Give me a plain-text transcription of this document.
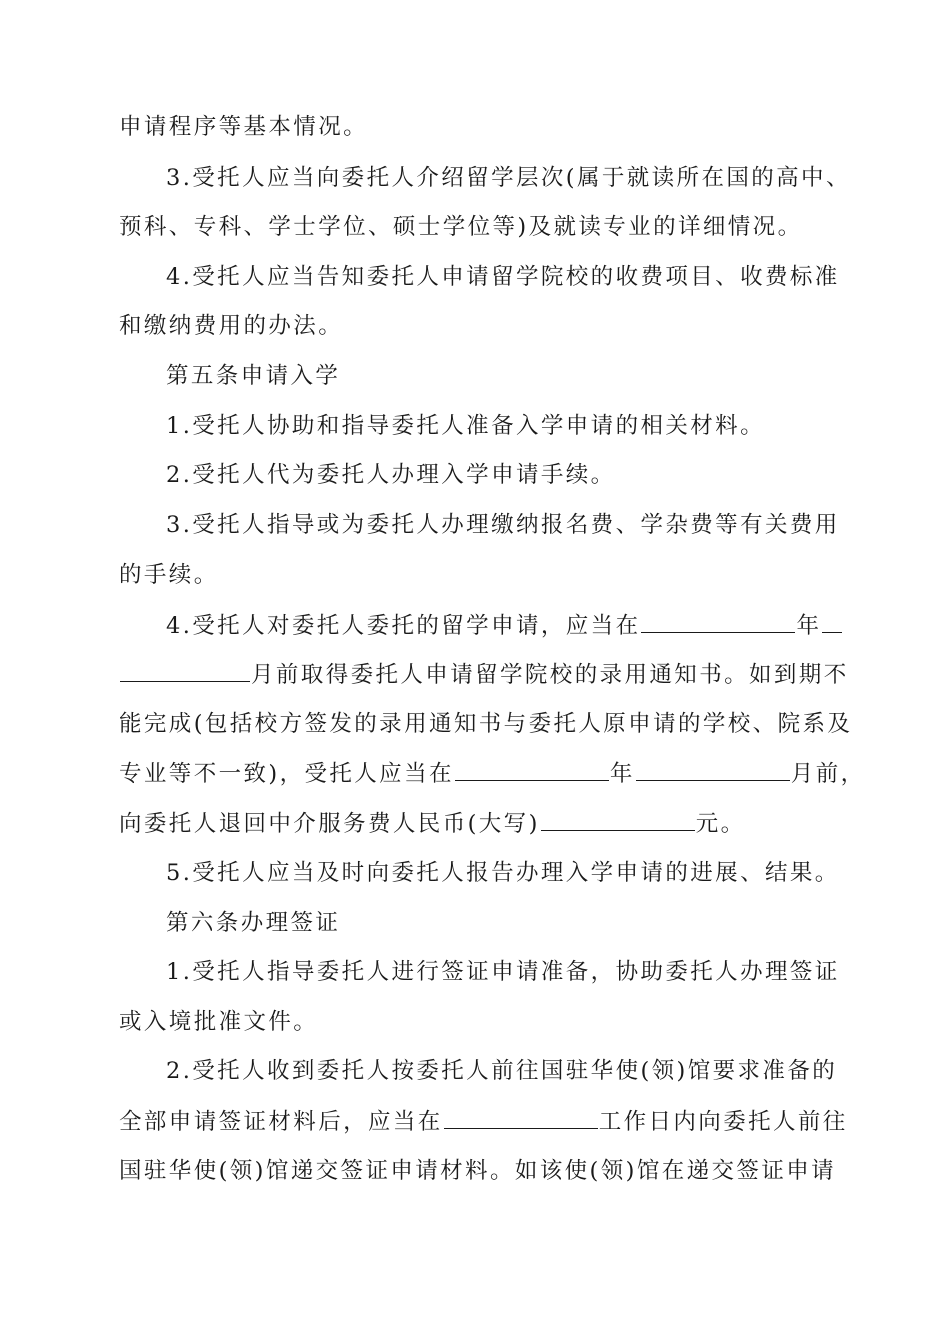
申请程序等基本情况。
3.受托人应当向委托人介绍留学层次(属于就读所在国的高中、
预科、专科、学士学位、硕士学位等)及就读专业的详细情况。
4.受托人应当告知委托人申请留学院校的收费项目、收费标准
和缴纳费用的办法。
第五条申请入学
1.受托人协助和指导委托人准备入学申请的相关材料。
2.受托人代为委托人办理入学申请手续。
3.受托人指导或为委托人办理缴纳报名费、学杂费等有关费用
的手续。
4.受托人对委托人委托的留学申请，应当在	年
月前取得委托人申请留学院校的录用通知书。如到期不
能完成(包括校方签发的录用通知书与委托人原申请的学校、院系及
专业等不一致)，受托人应当在	年	月前，
向委托人退回中介服务费人民币(大写)	元。
5.受托人应当及时向委托人报告办理入学申请的进展、结果。
第六条办理签证
1.受托人指导委托人进行签证申请准备，协助委托人办理签证
或入境批准文件。
2.受托人收到委托人按委托人前往国驻华使(领)馆要求准备的
全部申请签证材料后，应当在	工作日内向委托人前往
国驻华使(领)馆递交签证申请材料。如该使(领)馆在递交签证申请
